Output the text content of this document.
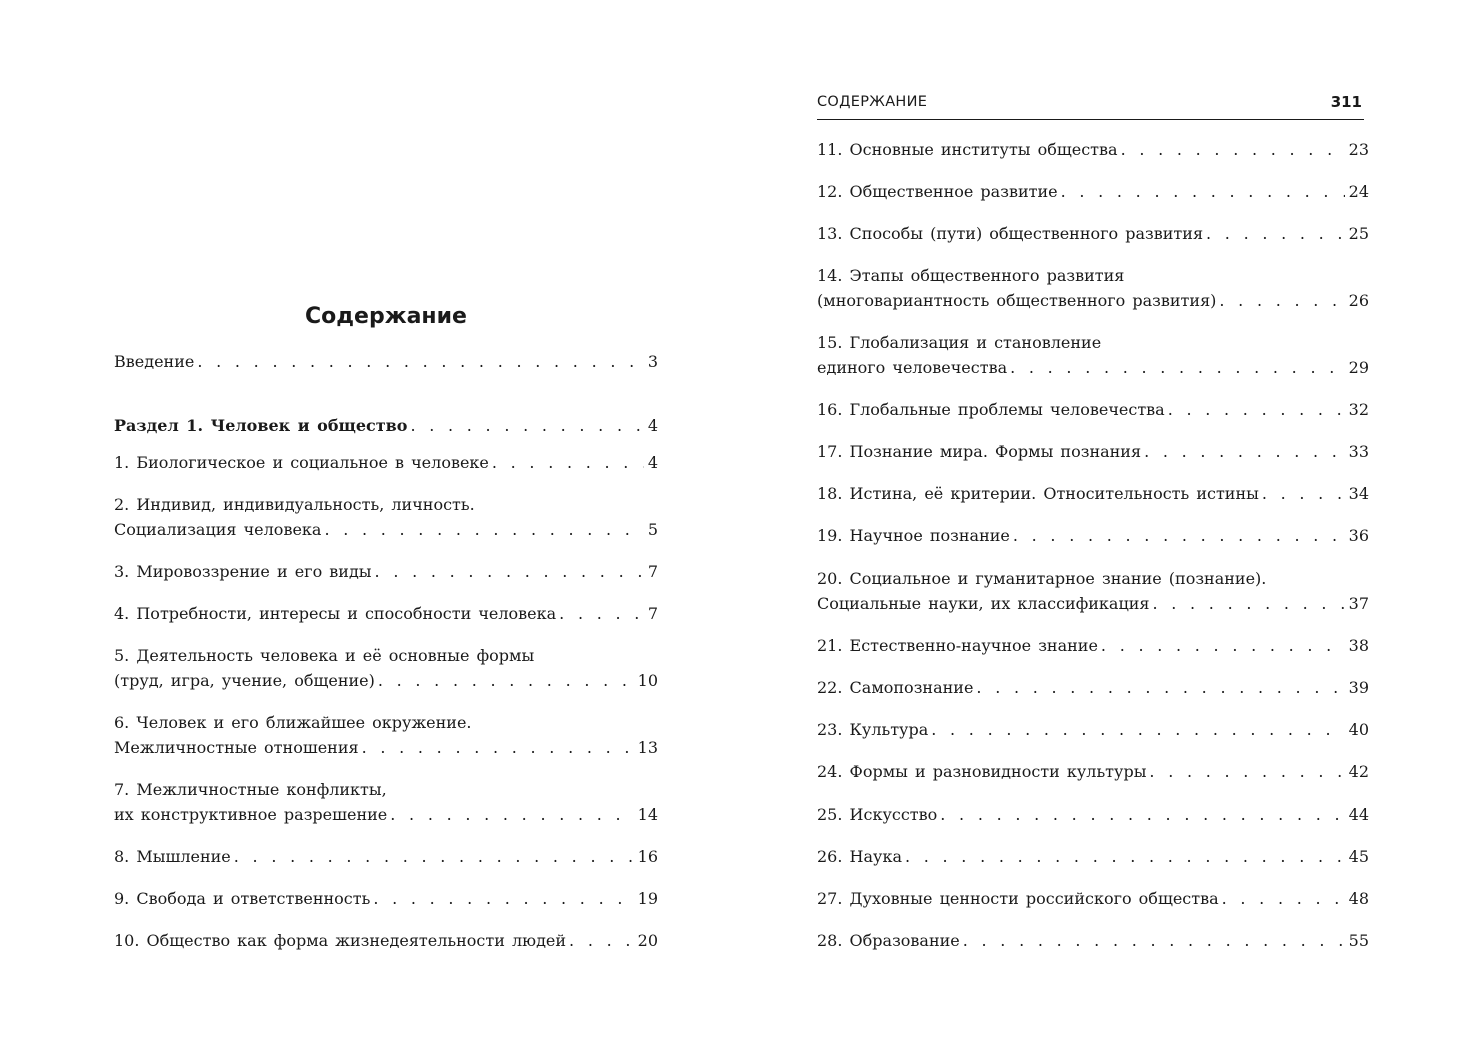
Содержание
Введение . . .	3
Раздел 1. Человек и общество . . .	4
1. Биологическое и социальное в человеке . . .	4
2. Индивид, индивидуальность, личность.
Социализация человека . . .	5
3. Мировоззрение и его виды . . .	7
4. Потребности, интересы и способности человека . . .	7
5. Деятельность человека и её основные формы
(труд, игра, учение, общение) . . .	10
6. Человек и его ближайшее окружение.
Межличностные отношения . . .	13
7. Межличностные конфликты,
их конструктивное разрешение . . .	14
8. Мышление . . .	16
9. Свобода и ответственность . . .	19
10. Общество как форма жизнедеятельности людей . . .	20
СОДЕРЖАНИЕ	311
11. Основные институты общества . . .	23
12. Общественное развитие . . .	24
13. Способы (пути) общественного развития . . .	25
14. Этапы общественного развития
(многовариантность общественного развития) . . .	26
15. Глобализация и становление
единого человечества . . .	29
16. Глобальные проблемы человечества . . .	32
17. Познание мира. Формы познания . . .	33
18. Истина, её критерии. Относительность истины . . .	34
19. Научное познание . . .	36
20. Социальное и гуманитарное знание (познание).
Социальные науки, их классификация . . .	37
21. Естественно-научное знание . . .	38
22. Самопознание . . .	39
23. Культура . . .	40
24. Формы и разновидности культуры . . .	42
25. Искусство . . .	44
26. Наука . . .	45
27. Духовные ценности российского общества . . .	48
28. Образование . . .	55
